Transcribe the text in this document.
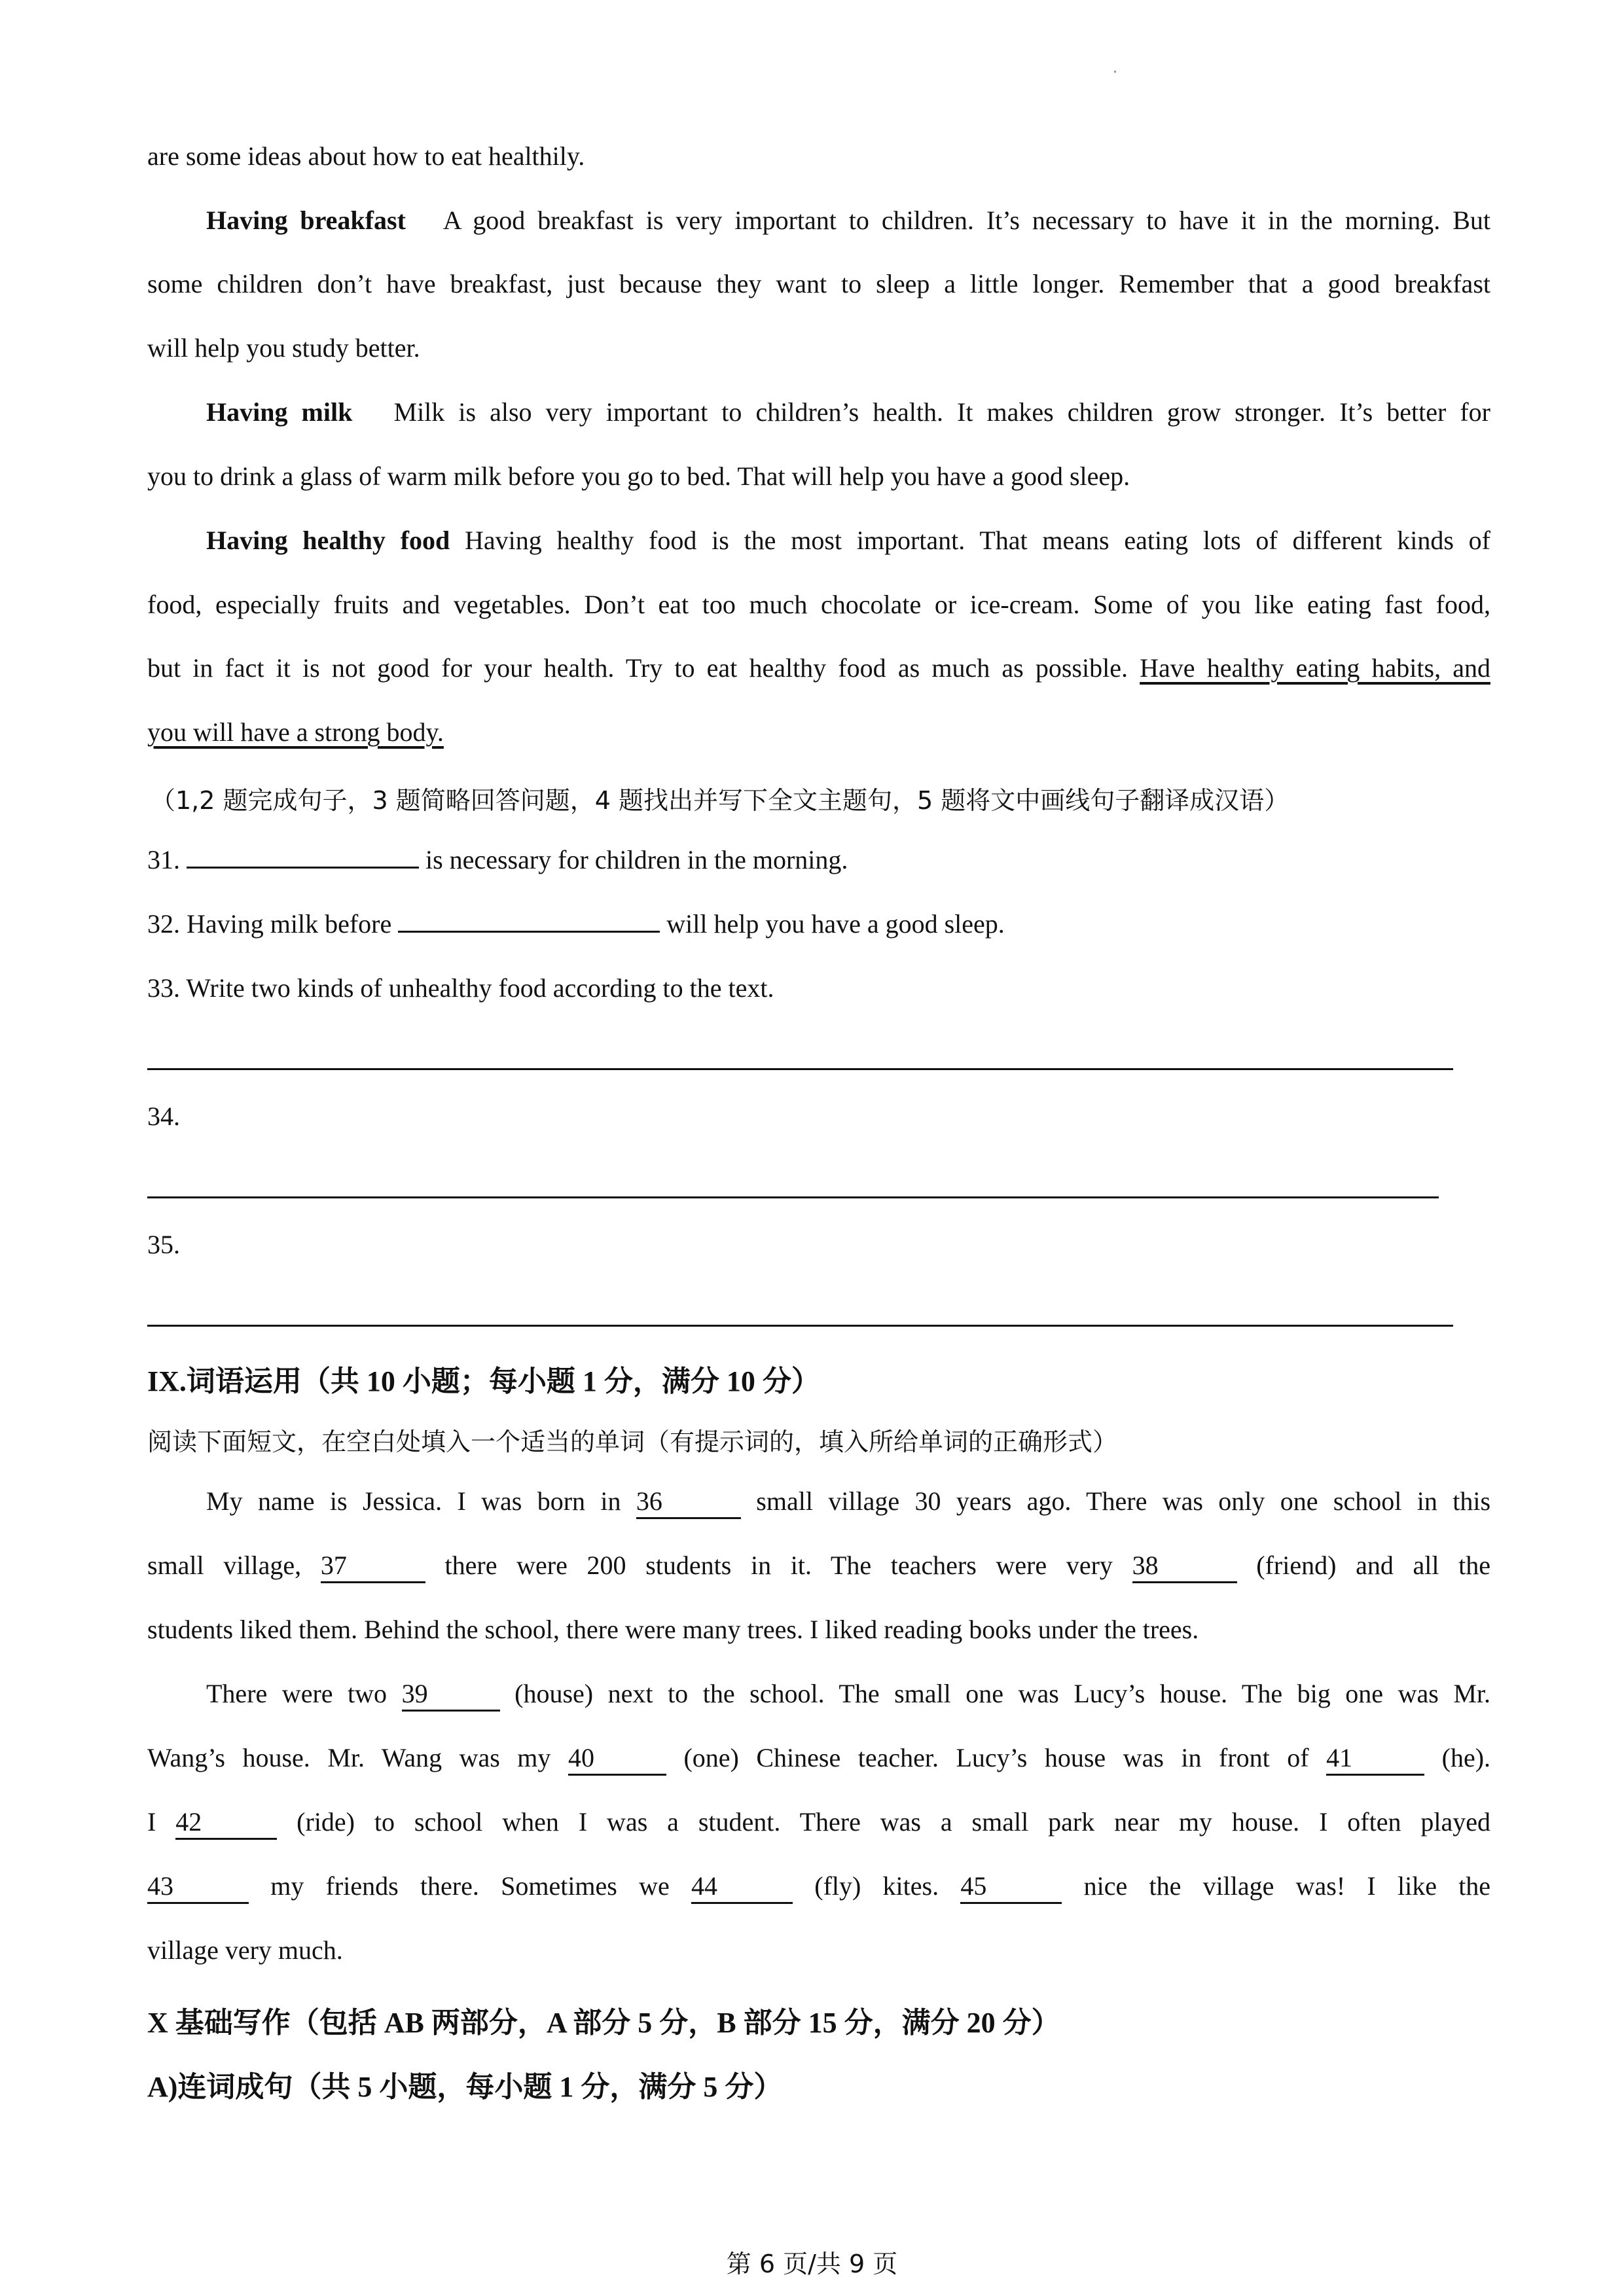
are some ideas about how to eat healthily.
Having breakfast A good breakfast is very important to children. It’s necessary to have it in the morning. But
some children don’t have breakfast, just because they want to sleep a little longer. Remember that a good breakfast
will help you study better.
Having milk Milk is also very important to children’s health. It makes children grow stronger. It’s better for
you to drink a glass of warm milk before you go to bed. That will help you have a good sleep.
Having healthy food Having healthy food is the most important. That means eating lots of different kinds of
food, especially fruits and vegetables. Don’t eat too much chocolate or ice-cream. Some of you like eating fast food,
but in fact it is not good for your health. Try to eat healthy food as much as possible. Have healthy eating habits, and
you will have a strong body.
（1,2 题完成句子，3 题简略回答问题，4 题找出并写下全文主题句，5 题将文中画线句子翻译成汉语）
31.	is necessary for children in the morning.
32. Having milk before	will help you have a good sleep.
33. Write two kinds of unhealthy food according to the text.
34.
35.
IX.词语运用（共 10 小题；每小题 1 分，满分 10 分）
阅读下面短文，在空白处填入一个适当的单词（有提示词的，填入所给单词的正确形式）
My name is Jessica. I was born in 36	small village 30 years ago. There was only one school in this
small village, 37	there were 200 students in it. The teachers were very 38	(friend) and all the
students liked them. Behind the school, there were many trees. I liked reading books under the trees.
There were two 39	(house) next to the school. The small one was Lucy’s house. The big one was Mr.
Wang’s house. Mr. Wang was my 40	(one) Chinese teacher. Lucy’s house was in front of 41	(he).
I 42	(ride) to school when I was a student. There was a small park near my house. I often played
43	my friends there. Sometimes we 44	(fly) kites. 45	nice the village was! I like the
village very much.
X 基础写作（包括 AB 两部分，A 部分 5 分，B 部分 15 分，满分 20 分）
A)连词成句（共 5 小题，每小题 1 分，满分 5 分）
第 6 页/共 9 页
